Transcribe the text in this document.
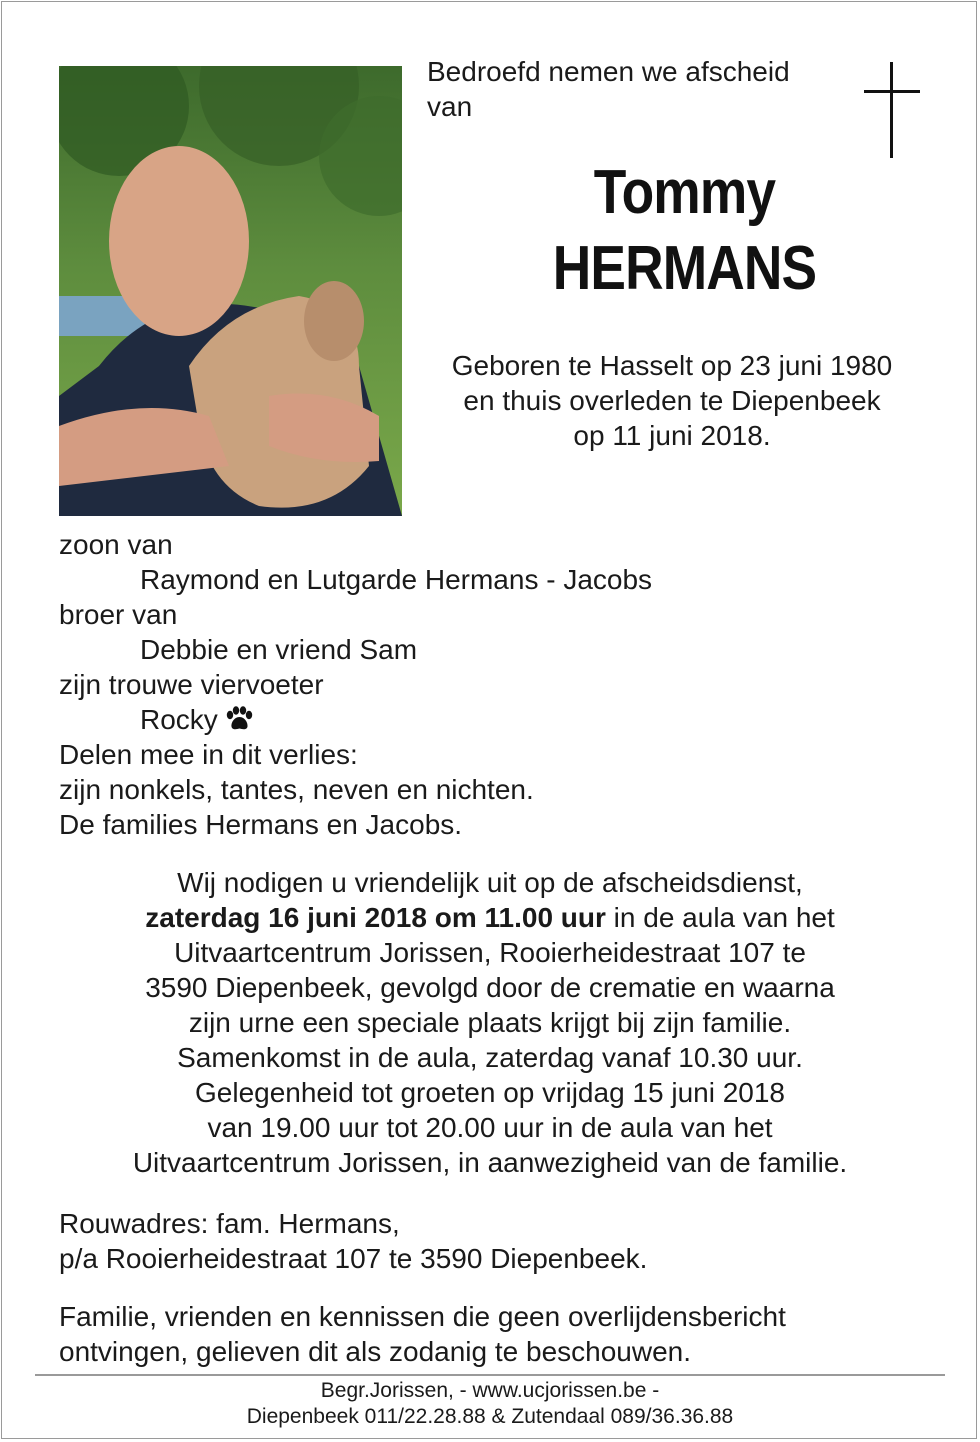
Bedroefd nemen we afscheid
van
Tommy
HERMANS
Geboren te Hasselt op 23 juni 1980
en thuis overleden te Diepenbeek
op 11 juni 2018.
zoon van
Raymond en Lutgarde Hermans - Jacobs
broer van
Debbie en vriend Sam
zijn trouwe viervoeter
Rocky
Delen mee in dit verlies:
zijn nonkels, tantes, neven en nichten.
De families Hermans en Jacobs.
Wij nodigen u vriendelijk uit op de afscheidsdienst,
zaterdag 16 juni 2018 om 11.00 uur in de aula van het
Uitvaartcentrum Jorissen, Rooierheidestraat 107 te
3590 Diepenbeek, gevolgd door de crematie en waarna
zijn urne een speciale plaats krijgt bij zijn familie.
Samenkomst in de aula, zaterdag vanaf 10.30 uur.
Gelegenheid tot groeten op vrijdag 15 juni 2018
van 19.00 uur tot 20.00 uur in de aula van het
Uitvaartcentrum Jorissen, in aanwezigheid van de familie.
Rouwadres: fam. Hermans,
p/a Rooierheidestraat 107 te 3590 Diepenbeek.
Familie, vrienden en kennissen die geen overlijdensbericht
ontvingen, gelieven dit als zodanig te beschouwen.
Begr.Jorissen, - www.ucjorissen.be -
Diepenbeek 011/22.28.88 & Zutendaal 089/36.36.88
